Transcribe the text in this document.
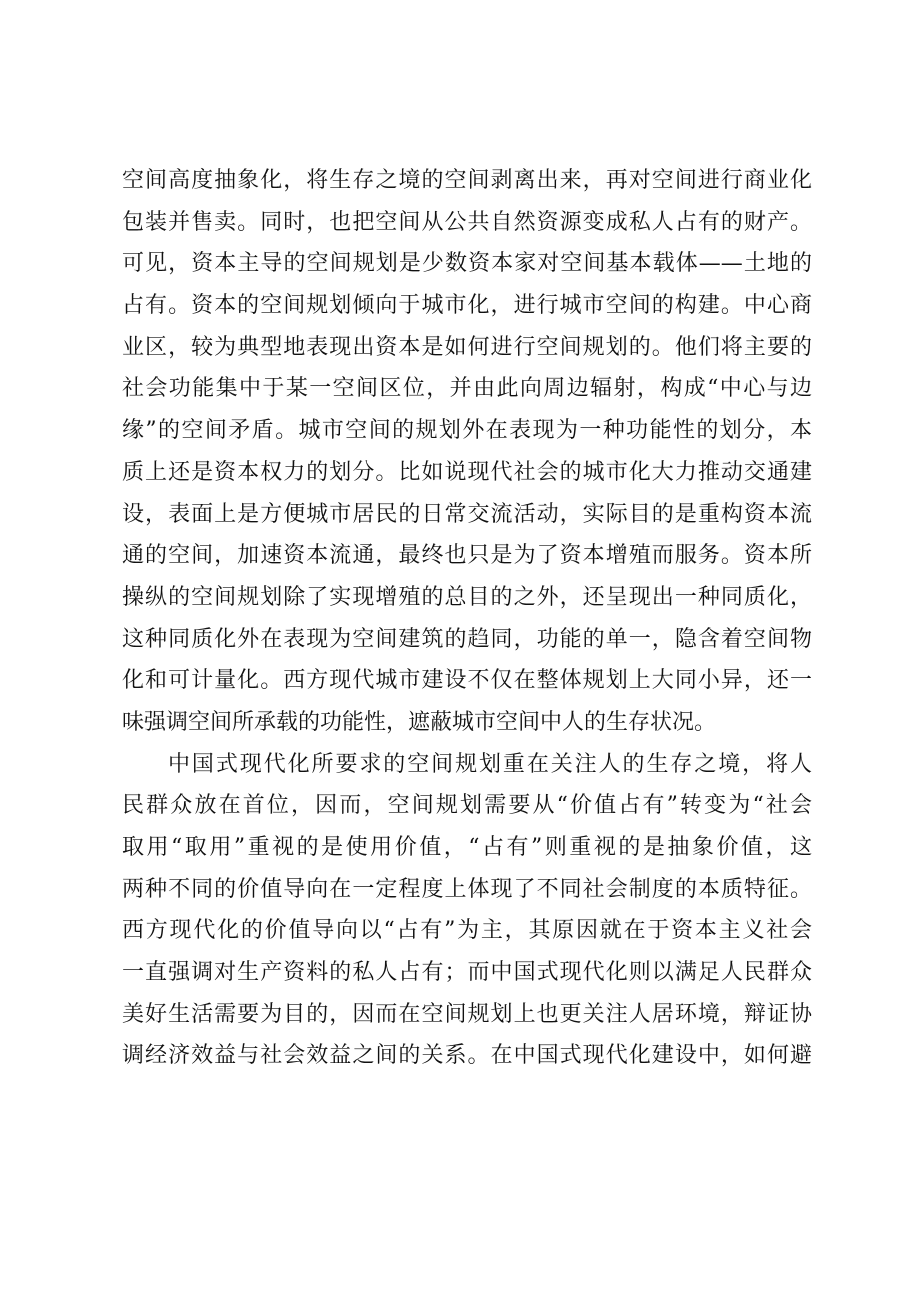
空间高度抽象化，将生存之境的空间剥离出来，再对空间进行商业化
包装并售卖。同时，也把空间从公共自然资源变成私人占有的财产。
可见，资本主导的空间规划是少数资本家对空间基本载体——土地的
占有。资本的空间规划倾向于城市化，进行城市空间的构建。中心商
业区，较为典型地表现出资本是如何进行空间规划的。他们将主要的
社会功能集中于某一空间区位，并由此向周边辐射，构成“中心与边
缘”的空间矛盾。城市空间的规划外在表现为一种功能性的划分，本
质上还是资本权力的划分。比如说现代社会的城市化大力推动交通建
设，表面上是方便城市居民的日常交流活动，实际目的是重构资本流
通的空间，加速资本流通，最终也只是为了资本增殖而服务。资本所
操纵的空间规划除了实现增殖的总目的之外，还呈现出一种同质化，
这种同质化外在表现为空间建筑的趋同，功能的单一，隐含着空间物
化和可计量化。西方现代城市建设不仅在整体规划上大同小异，还一
味强调空间所承载的功能性，遮蔽城市空间中人的生存状况。
中国式现代化所要求的空间规划重在关注人的生存之境，将人
民群众放在首位，因而，空间规划需要从“价值占有”转变为“社会
取用“取用”重视的是使用价值，“占有”则重视的是抽象价值，这
两种不同的价值导向在一定程度上体现了不同社会制度的本质特征。
西方现代化的价值导向以“占有”为主，其原因就在于资本主义社会
一直强调对生产资料的私人占有；而中国式现代化则以满足人民群众
美好生活需要为目的，因而在空间规划上也更关注人居环境，辩证协
调经济效益与社会效益之间的关系。在中国式现代化建设中，如何避
